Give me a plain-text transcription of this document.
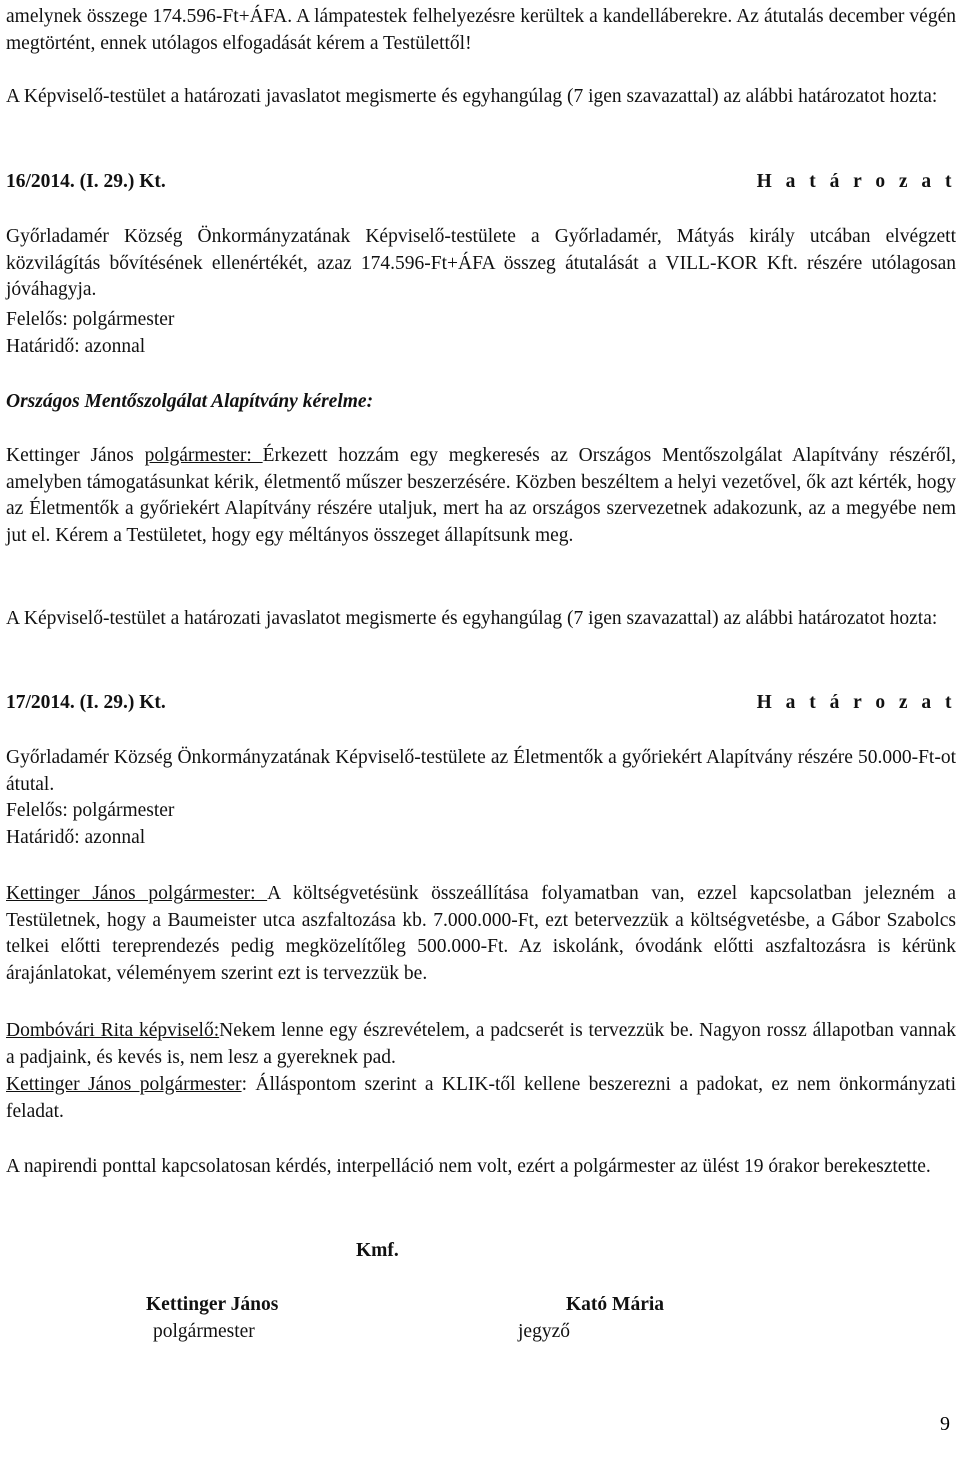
amelynek összege 174.596-Ft+ÁFA. A lámpatestek felhelyezésre kerültek a kandelláberekre. Az átutalás december végén megtörtént, ennek utólagos elfogadását kérem a Testülettől!

A Képviselő-testület a határozati javaslatot megismerte és egyhangúlag (7 igen szavazattal) az alábbi határozatot hozta:

16/2014. (I. 29.) Kt.	H a t á r o z a t

Győrladamér Község Önkormányzatának Képviselő-testülete a Győrladamér, Mátyás király utcában elvégzett közvilágítás bővítésének ellenértékét, azaz 174.596-Ft+ÁFA összeg átutalását a VILL-KOR Kft. részére utólagosan jóváhagyja.

Felelős: polgármester
Határidő: azonnal
Országos Mentőszolgálat Alapítvány kérelme:

Kettinger János polgármester: Érkezett hozzám egy megkeresés az Országos Mentőszolgálat Alapítvány részéről, amelyben támogatásunkat kérik, életmentő műszer beszerzésére. Közben beszéltem a helyi vezetővel, ők azt kérték, hogy az Életmentők a győriekért Alapítvány részére utaljuk, mert ha az országos szervezetnek adakozunk, az a megyébe nem jut el. Kérem a Testületet, hogy egy méltányos összeget állapítsunk meg.

A Képviselő-testület a határozati javaslatot megismerte és egyhangúlag (7 igen szavazattal) az alábbi határozatot hozta:

17/2014. (I. 29.) Kt.	H a t á r o z a t

Győrladamér Község Önkormányzatának Képviselő-testülete az Életmentők a győriekért Alapítvány részére 50.000-Ft-ot átutal.

Felelős: polgármester
Határidő: azonnal

Kettinger János polgármester: A költségvetésünk összeállítása folyamatban van, ezzel kapcsolatban jelezném a Testületnek, hogy a Baumeister utca aszfaltozása kb. 7.000.000-Ft, ezt betervezzük a költségvetésbe, a Gábor Szabolcs telkei előtti tereprendezés pedig megközelítőleg 500.000-Ft. Az iskolánk, óvodánk előtti aszfaltozásra is kérünk árajánlatokat, véleményem szerint ezt is tervezzük be.

Dombóvári Rita képviselő:Nekem lenne egy észrevételem, a padcserét is tervezzük be. Nagyon rossz állapotban vannak a padjaink, és kevés is, nem lesz a gyereknek pad.

Kettinger János polgármester: Álláspontom szerint a KLIK-től kellene beszerezni a padokat, ez nem önkormányzati feladat.

A napirendi ponttal kapcsolatosan kérdés, interpelláció nem volt, ezért a polgármester az ülést 19 órakor berekesztette.

Kmf.
Kettinger János
polgármester
Kató Mária
jegyző
9
